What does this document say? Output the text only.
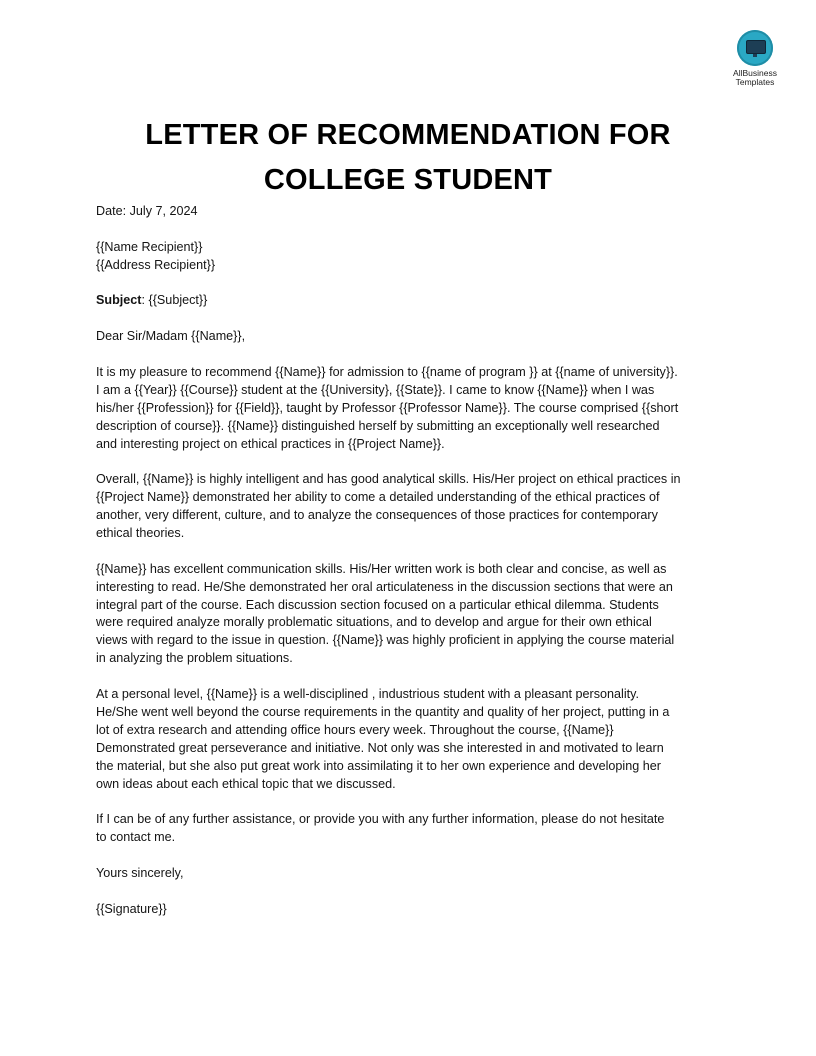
AllBusiness
Templates
LETTER OF RECOMMENDATION FOR
COLLEGE STUDENT
Date: July 7, 2024
{{Name Recipient}}
{{Address Recipient}}
Subject: {{Subject}}
Dear Sir/Madam {{Name}},
It is my pleasure to recommend {{Name}} for admission to {{name of program }} at {{name of university}}.
I am a {{Year}} {{Course}} student at the {{University}, {{State}}. I came to know {{Name}} when I was
his/her {{Profession}} for {{Field}}, taught by Professor {{Professor Name}}. The course comprised {{short
description of course}}. {{Name}} distinguished herself by submitting an exceptionally well researched
and interesting project on ethical practices in {{Project Name}}.
Overall, {{Name}} is highly intelligent and has good analytical skills. His/Her project on ethical practices in
{{Project Name}} demonstrated her ability to come a detailed understanding of the ethical practices of
another, very different, culture, and to analyze the consequences of those practices for contemporary
ethical theories.
{{Name}} has excellent communication skills. His/Her written work is both clear and concise, as well as
interesting to read. He/She demonstrated her oral articulateness in the discussion sections that were an
integral part of the course. Each discussion section focused on a particular ethical dilemma. Students
were required analyze morally problematic situations, and to develop and argue for their own ethical
views with regard to the issue in question. {{Name}} was highly proficient in applying the course material
in analyzing the problem situations.
At a personal level, {{Name}} is a well-disciplined , industrious student with a pleasant personality.
He/She went well beyond the course requirements in the quantity and quality of her project, putting in a
lot of extra research and attending office hours every week. Throughout the course, {{Name}}
Demonstrated great perseverance and initiative. Not only was she interested in and motivated to learn
the material, but she also put great work into assimilating it to her own experience and developing her
own ideas about each ethical topic that we discussed.
If I can be of any further assistance, or provide you with any further information, please do not hesitate
to contact me.
Yours sincerely,
{{Signature}}
